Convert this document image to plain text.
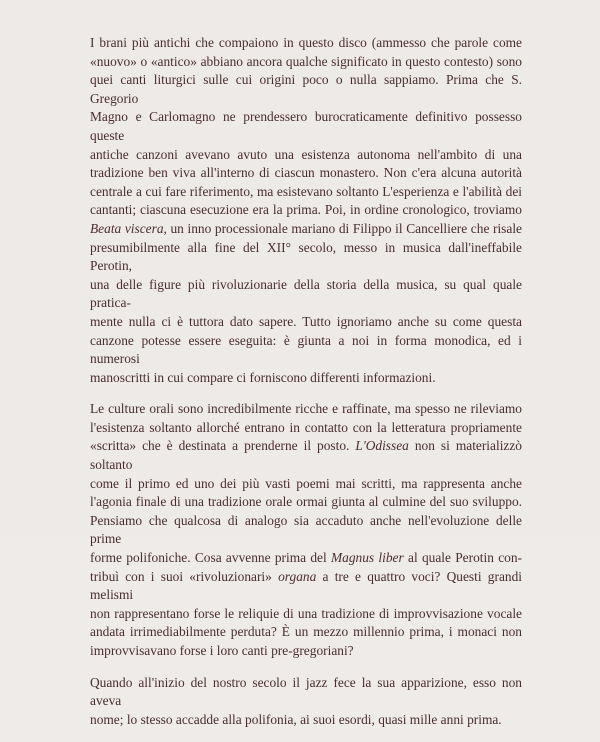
I brani più antichi che compaiono in questo disco (ammesso che parole come
«nuovo» o «antico» abbiano ancora qualche significato in questo contesto) sono
quei canti liturgici sulle cui origini poco o nulla sappiamo. Prima che S. Gregorio
Magno e Carlomagno ne prendessero burocraticamente definitivo possesso queste
antiche canzoni avevano avuto una esistenza autonoma nell'ambito di una
tradizione ben viva all'interno di ciascun monastero. Non c'era alcuna autorità
centrale a cui fare riferimento, ma esistevano soltanto L'esperienza e l'abilità dei
cantanti; ciascuna esecuzione era la prima. Poi, in ordine cronologico, troviamo
Beata viscera, un inno processionale mariano di Filippo il Cancelliere che risale
presumibilmente alla fine del XII° secolo, messo in musica dall'ineffabile Perotin,
una delle figure più rivoluzionarie della storia della musica, su qual quale pratica-
mente nulla ci è tuttora dato sapere. Tutto ignoriamo anche su come questa
canzone potesse essere eseguita: è giunta a noi in forma monodica, ed i numerosi
manoscritti in cui compare ci forniscono differenti informazioni.
Le culture orali sono incredibilmente ricche e raffinate, ma spesso ne rileviamo
l'esistenza soltanto allorché entrano in contatto con la letteratura propriamente
«scritta» che è destinata a prenderne il posto. L'Odissea non si materializzò soltanto
come il primo ed uno dei più vasti poemi mai scritti, ma rappresenta anche
l'agonia finale di una tradizione orale ormai giunta al culmine del suo sviluppo.
Pensiamo che qualcosa di analogo sia accaduto anche nell'evoluzione delle prime
forme polifoniche. Cosa avvenne prima del Magnus liber al quale Perotin con-
tribuì con i suoi «rivoluzionari» organa a tre e quattro voci? Questi grandi melismi
non rappresentano forse le reliquie di una tradizione di improvvisazione vocale
andata irrimediabilmente perduta? È un mezzo millennio prima, i monaci non
improvvisavano forse i loro canti pre-gregoriani?
Quando all'inizio del nostro secolo il jazz fece la sua apparizione, esso non aveva
nome; lo stesso accadde alla polifonia, ai suoi esordi, quasi mille anni prima.
